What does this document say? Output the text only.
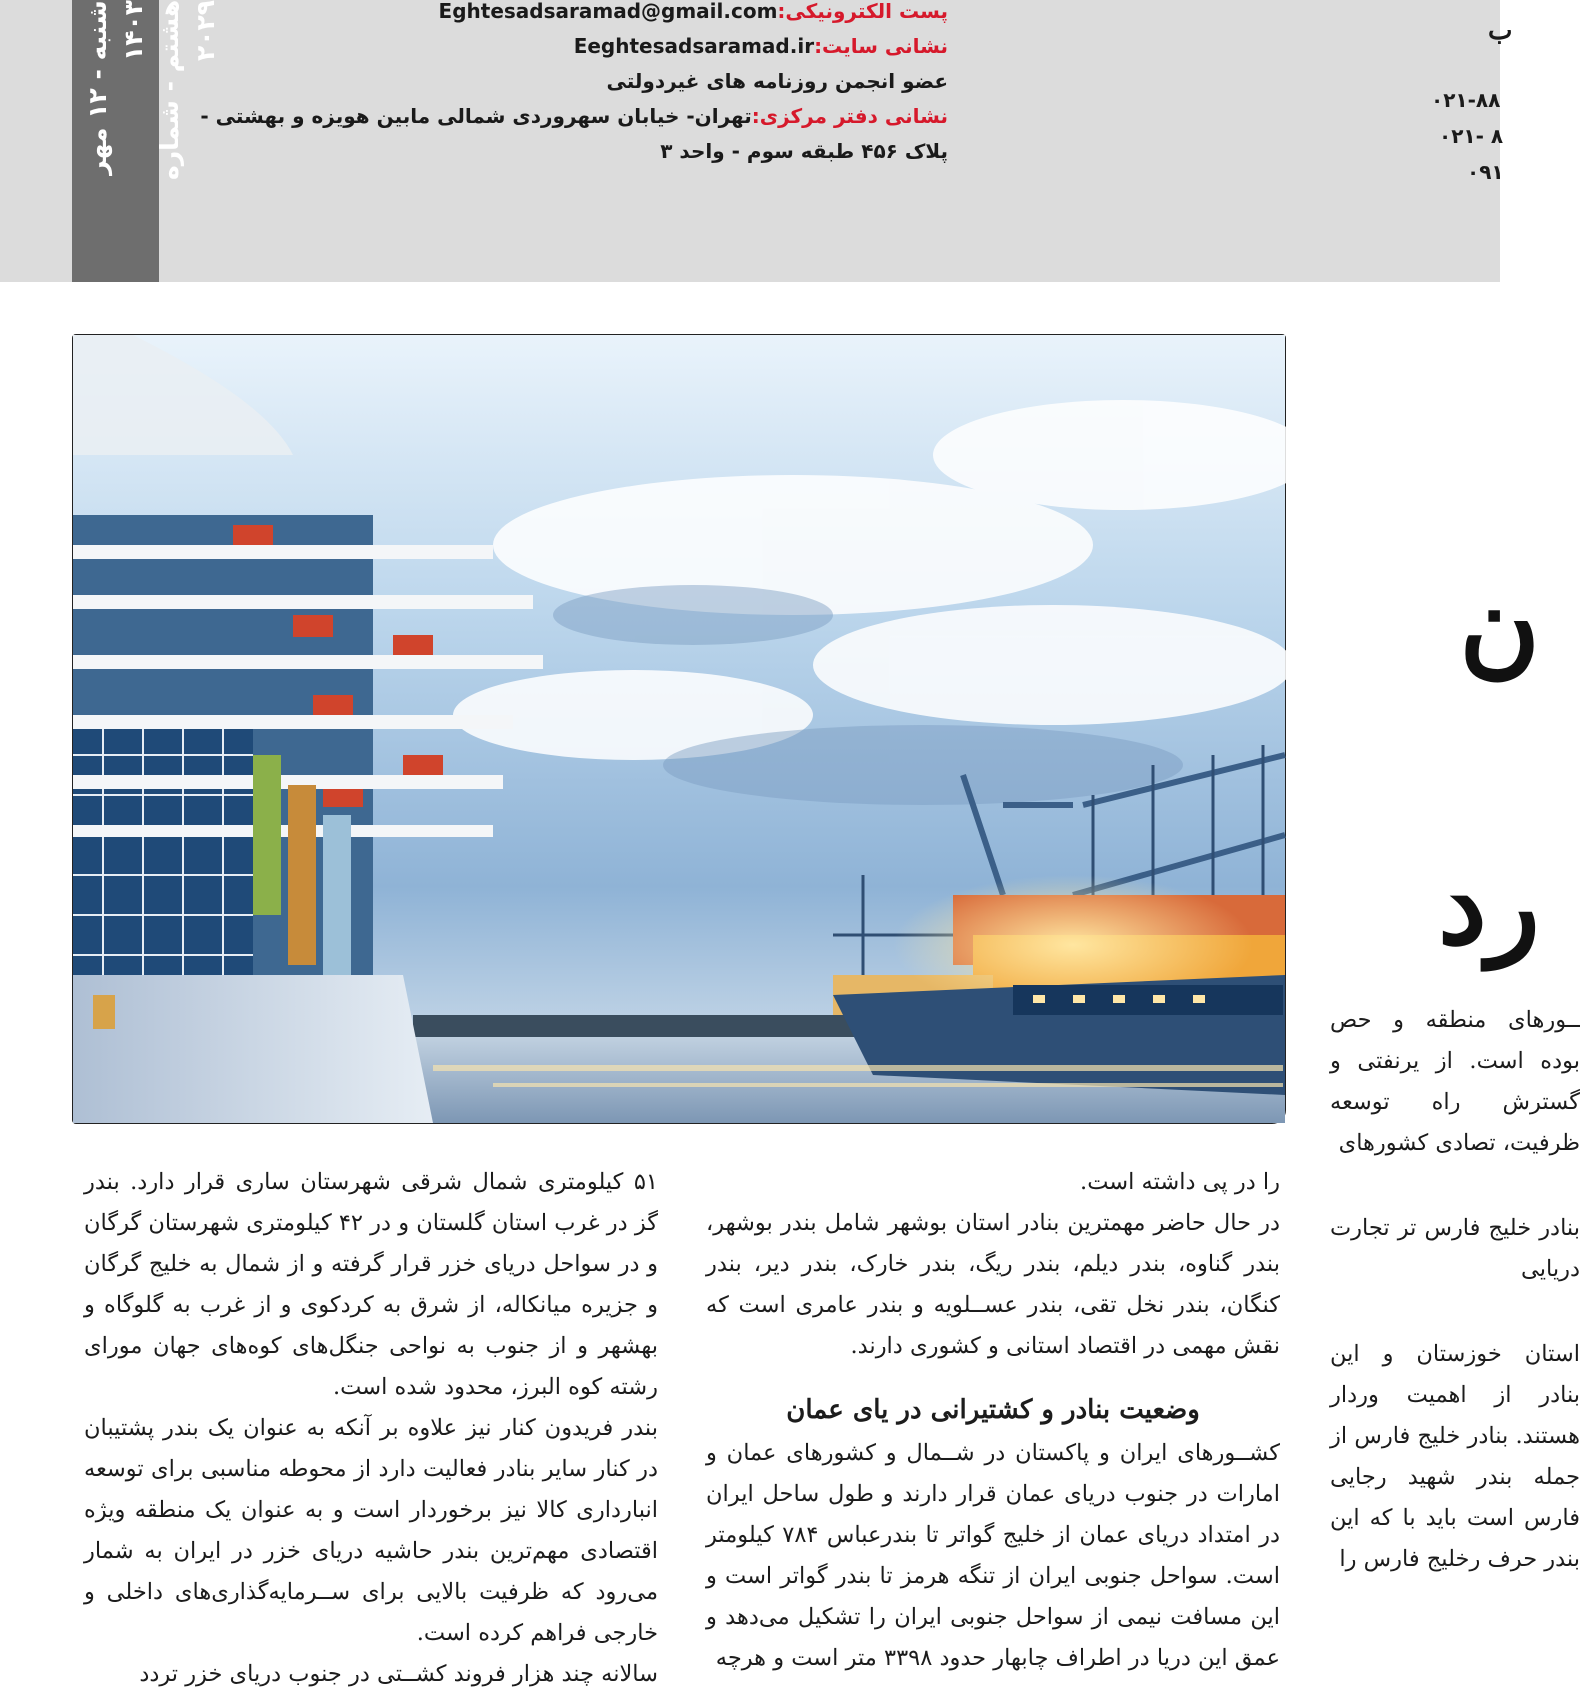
شنبه - ۱۲ مهر ۱۴۰۳ هشتم - شماره ۲۰۲۹	پست الکترونیکی:Eghtesadsaramad@gmail.com
نشانی سایت:Eeghtesadsaramad.ir
عضو انجمن روزنامه های غیردولتی
نشانی دفتر مرکزی:تهران- خیابان سهروردی شمالی مابین هویزه و بهشتی -
پلاک ۴۵۶ طبقه سوم - واحد ۳
ب
۰۲۱-۸۸
۰۲۱- ۸
۰۹۱
ن
رد

۵۱ کیلومتری شمال شرقی شهرستان ساری قرار دارد. بندر گز در غرب استان گلستان و در ۴۲ کیلومتری شهرستان گرگان و در سواحل دریای خزر قرار گرفته و از شمال به خلیج گرگان و جزیره میانکاله، از شرق به کردکوی و از غرب به گلوگاه و بهشهر و از جنوب به نواحی جنگل‌های کوه‌های جهان مورای رشته کوه البرز، محدود شده است.

بندر فریدون کنار نیز علاوه بر آنکه به عنوان یک بندر پشتیبان در کنار سایر بنادر فعالیت دارد از محوطه مناسبی برای توسعه انبارداری کالا نیز برخوردار است و به عنوان یک منطقه ویژه اقتصادی مهم‌ترین بندر حاشیه دریای خزر در ایران به شمار می‌رود که ظرفیت بالایی برای ســرمایه‌گذاری‌های داخلی و خارجی فراهم کرده است.

سالانه چند هزار فروند کشــتی در جنوب دریای خزر تردد

را در پی داشته است.

در حال حاضر مهمترین بنادر استان بوشهر شامل بندر بوشهر، بندر گناوه، بندر دیلم، بندر ریگ، بندر خارک، بندر دیر، بندر کنگان، بندر نخل تقی، بندر عســلویه و بندر عامری است که نقش مهمی در اقتصاد استانی و کشوری دارند.

وضعیت بنادر و کشتیرانی در یای عمان

کشــورهای ایران و پاکستان در شــمال و کشورهای عمان و امارات در جنوب دریای عمان قرار دارند و طول ساحل ایران در امتداد دریای عمان از خلیج گواتر تا بندرعباس ۷۸۴ کیلومتر است. سواحل جنوبی ایران از تنگه هرمز تا بندر گواتر است و این مسافت نیمی از سواحل جنوبی ایران را تشکیل می‌دهد و عمق این دریا در اطراف چابهار حدود ۳۳۹۸ متر است و هرچه

ــورهای منطقه و حص بوده است. از یرنفتی و گسترش راه توسعه ظرفیت، تصادی کشورهای

بنادر خلیج فارس تر تجارت دریایی

استان خوزستان و این بنادر از اهمیت وردار هستند. بنادر خلیج فارس از جمله بندر شهید رجایی فارس است باید با که این بندر حرف رخلیج فارس را
